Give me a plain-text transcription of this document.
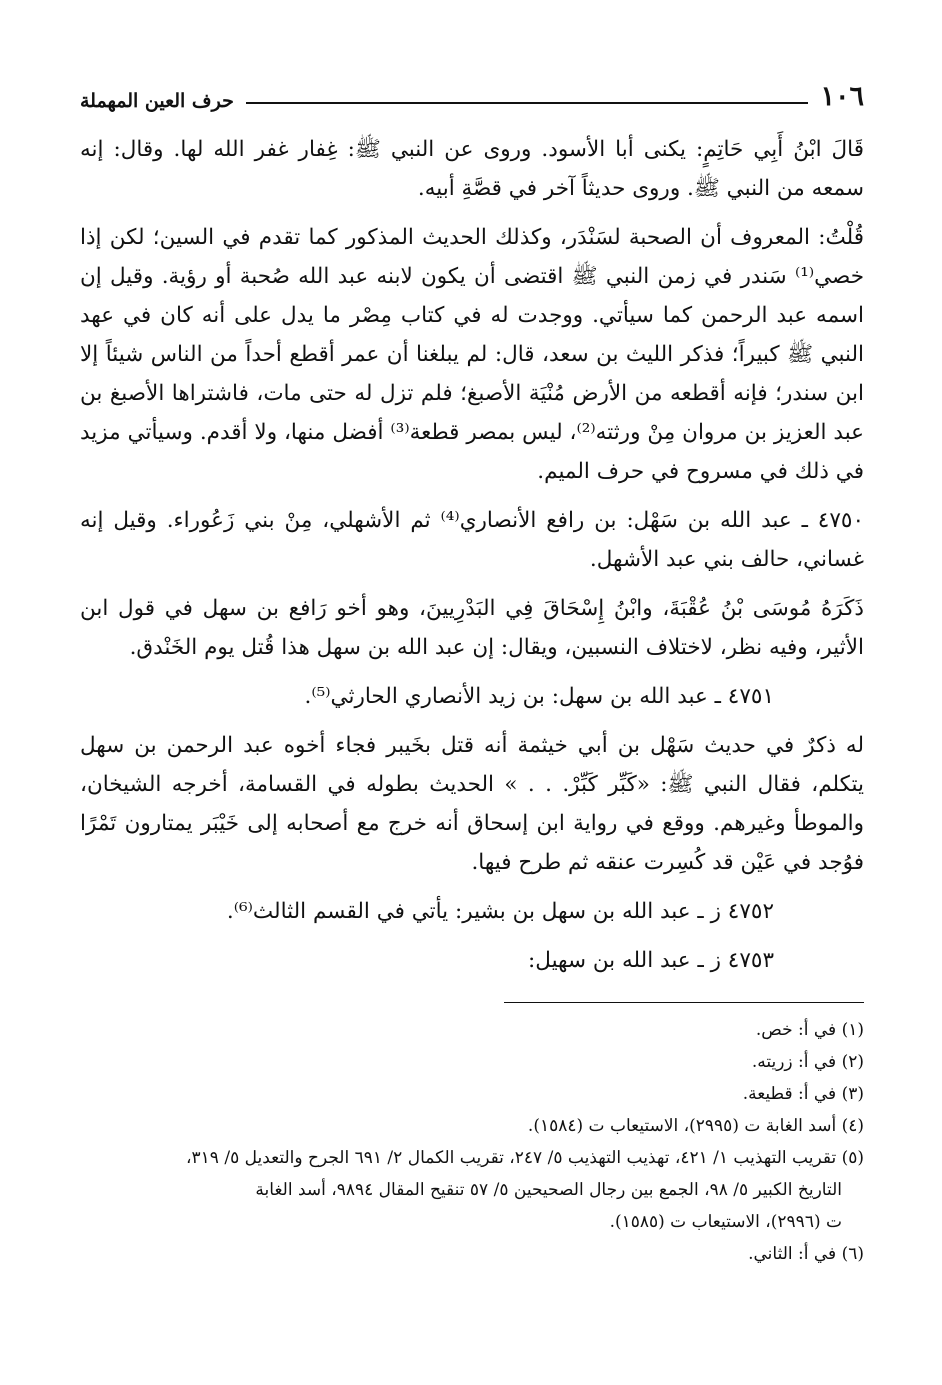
١٠٦
حرف العين المهملة

قَالَ ابْنُ أَبِي حَاتِمٍ: يكنى أبا الأسود. وروى عن النبي ﷺ: غِفار غفر الله لها. وقال: إنه سمعه من النبي ﷺ. وروى حديثاً آخر في قصَّةِ أبيه.

قُلْتُ: المعروف أن الصحبة لسَنْدَر، وكذلك الحديث المذكور كما تقدم في السين؛ لكن إذا خصي⁽¹⁾ سَندر في زمن النبي ﷺ اقتضى أن يكون لابنه عبد الله صُحبة أو رؤية. وقيل إن اسمه عبد الرحمن كما سيأتي. ووجدت له في كتاب مِصْر ما يدل على أنه كان في عهد النبي ﷺ كبيراً؛ فذكر الليث بن سعد، قال: لم يبلغنا أن عمر أقطع أحداً من الناس شيئاً إلا ابن سندر؛ فإنه أقطعه من الأرض مُنْيَة الأصبغ؛ فلم تزل له حتى مات، فاشتراها الأصبغ بن عبد العزيز بن مروان مِنْ ورثته⁽²⁾، ليس بمصر قطعة⁽³⁾ أفضل منها، ولا أقدم. وسيأتي مزيد في ذلك في مسروح في حرف الميم.

٤٧٥٠ ـ عبد الله بن سَهْل: بن رافع الأنصاري⁽⁴⁾ ثم الأشهلي، مِنْ بني زَعُوراء. وقيل إنه غساني، حالف بني عبد الأشهل.

ذَكَرَهُ مُوسَى بْنُ عُقْبَةَ، وابْنُ إِسْحَاقَ فِي البَدْرِيينَ، وهو أخو رَافع بن سهل في قول ابن الأثير، وفيه نظر، لاختلاف النسبين، ويقال: إن عبد الله بن سهل هذا قُتل يوم الخَنْدق.

٤٧٥١ ـ عبد الله بن سهل: بن زيد الأنصاري الحارثي⁽⁵⁾.

له ذكرٌ في حديث سَهْل بن أبي خيثمة أنه قتل بخَيبر فجاء أخوه عبد الرحمن بن سهل يتكلم، فقال النبي ﷺ: «كَبِّر كَبِّرْ. . . » الحديث بطوله في القسامة، أخرجه الشيخان، والموطأ وغيرهم. ووقع في رواية ابن إسحاق أنه خرج مع أصحابه إلى خَيْبَر يمتارون تَمْرًا فوُجد في عَيْن قد كُسِرت عنقه ثم طرح فيها.

٤٧٥٢ ز ـ عبد الله بن سهل بن بشير: يأتي في القسم الثالث⁽⁶⁾.

٤٧٥٣ ز ـ عبد الله بن سهيل:

(١) في أ: خص.

(٢) في أ: زريته.

(٣) في أ: قطيعة.

(٤) أسد الغابة ت (٢٩٩٥)، الاستيعاب ت (١٥٨٤).

(٥) تقريب التهذيب ١/ ٤٢١، تهذيب التهذيب ٥/ ٢٤٧، تقريب الكمال ٢/ ٦٩١ الجرح والتعديل ٥/ ٣١٩،

التاريخ الكبير ٥/ ٩٨، الجمع بين رجال الصحيحين ٥/ ٥٧ تنقيح المقال ٩٨٩٤، أسد الغابة

ت (٢٩٩٦)، الاستيعاب ت (١٥٨٥).

(٦) في أ: الثاني.
